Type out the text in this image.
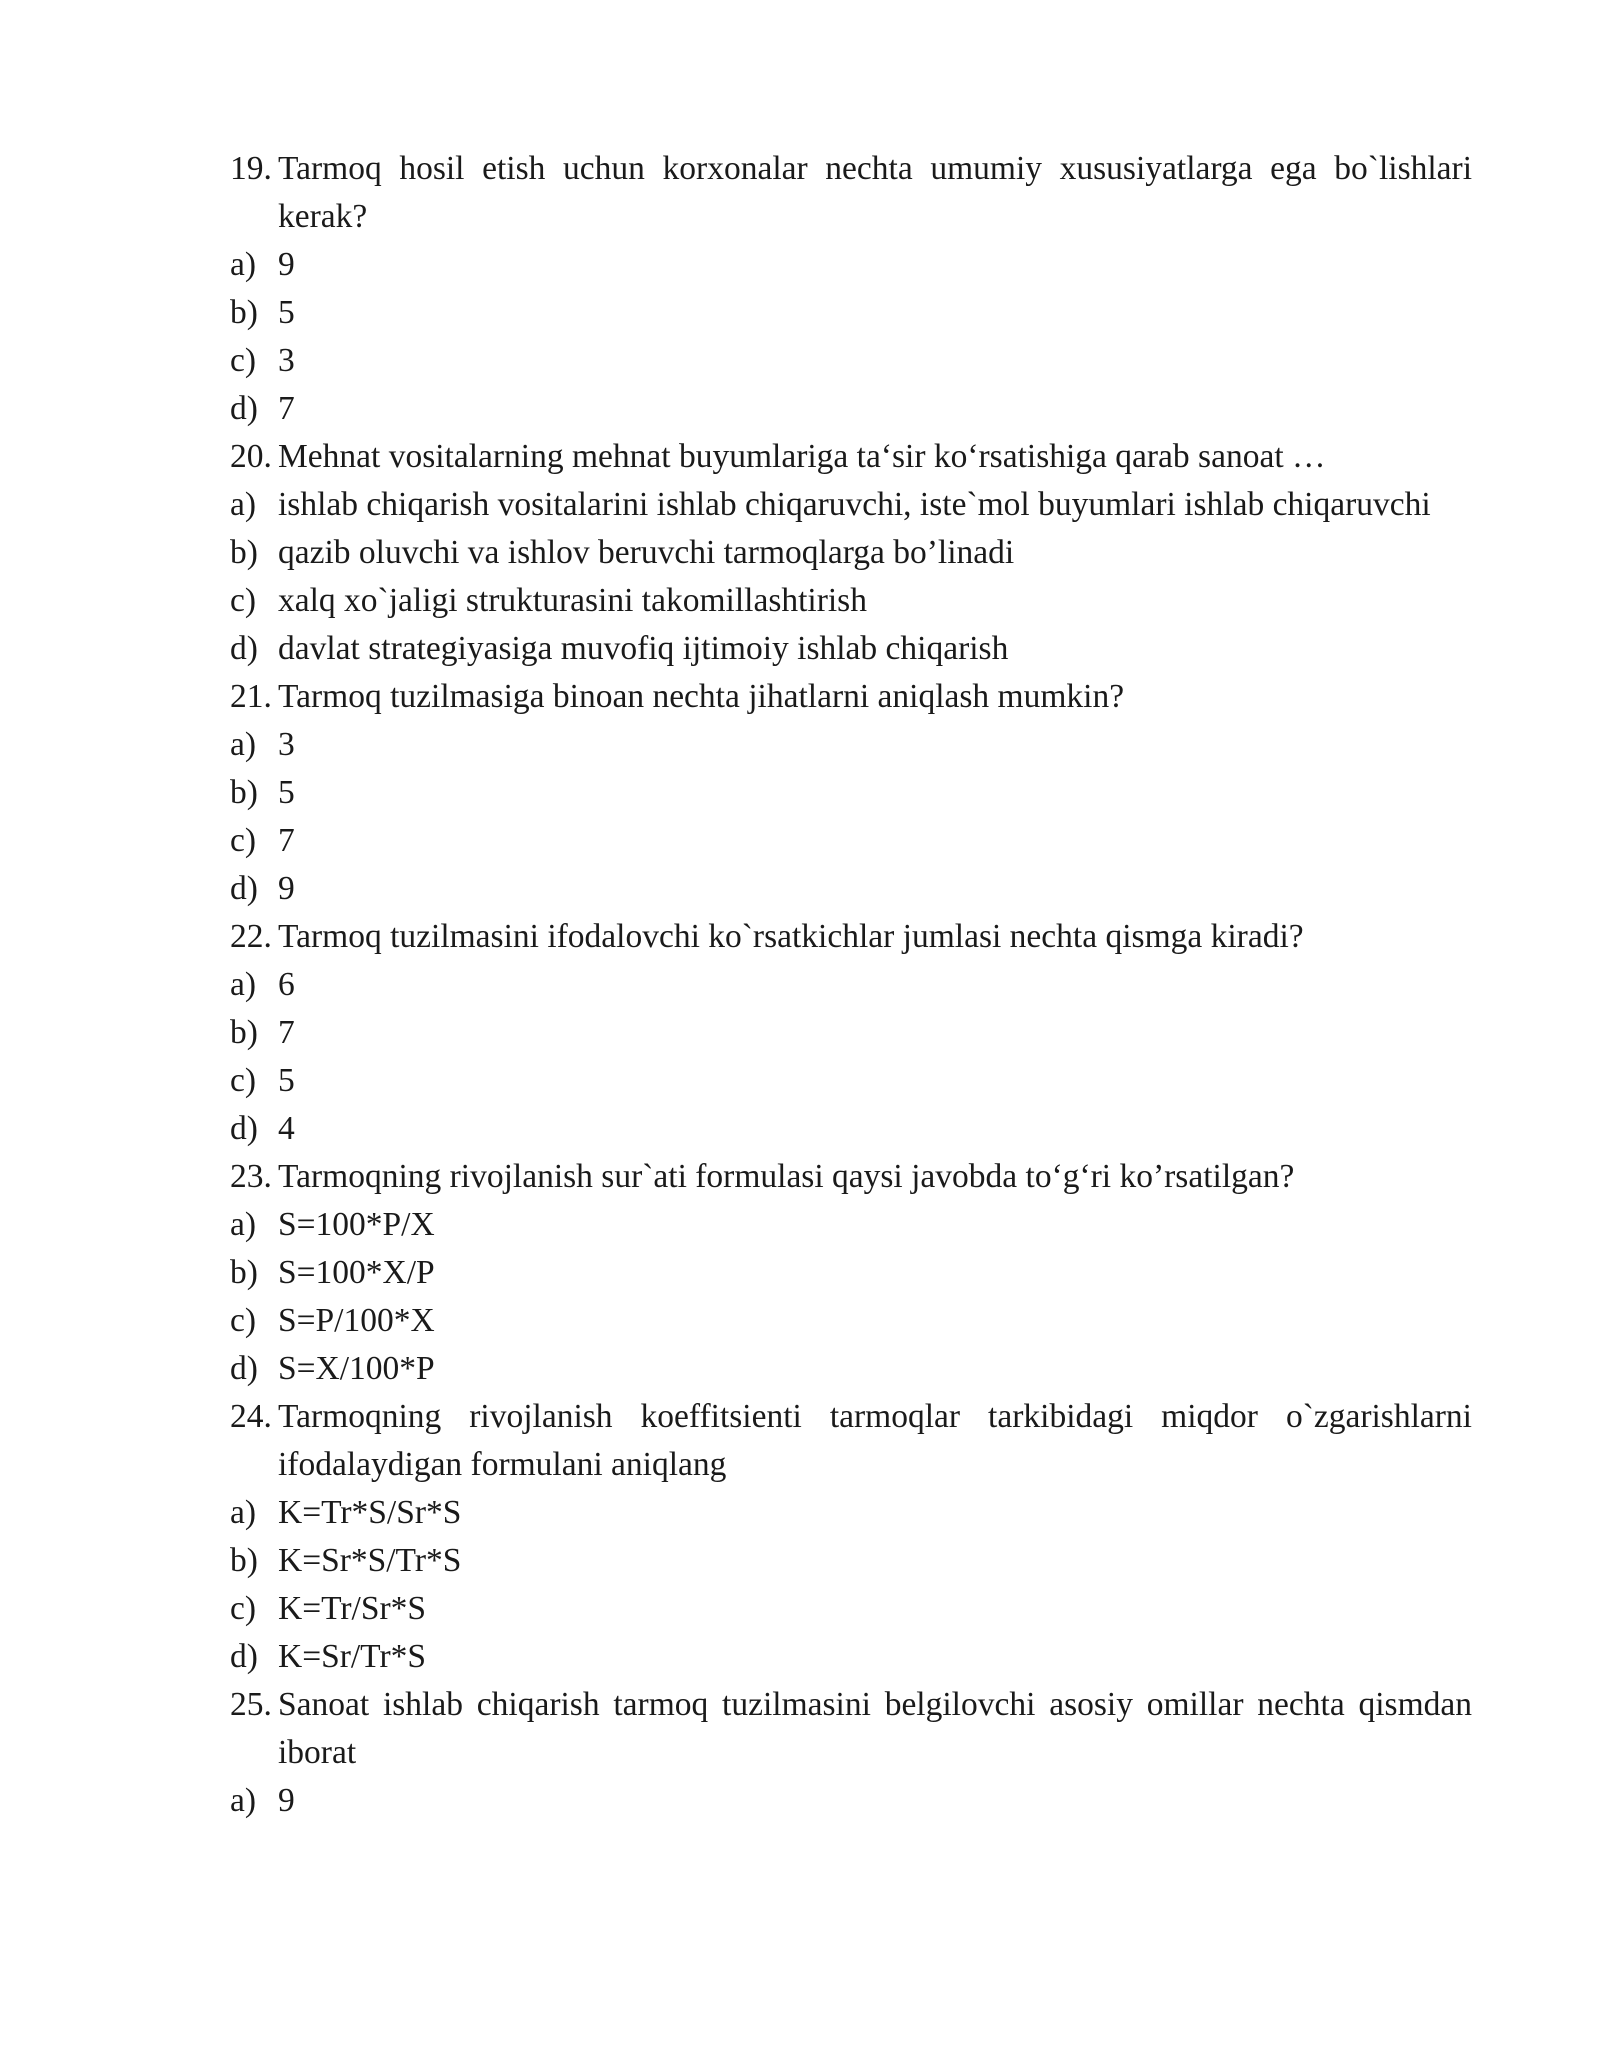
19. Tarmoq hosil etish uchun korxonalar nechta umumiy xususiyatlarga ega bo`lishlari kerak?
a) 9
b) 5
c) 3
d) 7
20. Mehnat vositalarning mehnat buyumlariga ta‘sir ko‘rsatishiga qarab sanoat …
a) ishlab chiqarish vositalarini ishlab chiqaruvchi, iste`mol buyumlari ishlab chiqaruvchi
b) qazib oluvchi va ishlov beruvchi tarmoqlarga bo’linadi
c) xalq xo`jaligi strukturasini takomillashtirish
d) davlat strategiyasiga muvofiq ijtimoiy ishlab chiqarish
21. Tarmoq tuzilmasiga binoan nechta jihatlarni aniqlash mumkin?
a) 3
b) 5
c) 7
d) 9
22. Tarmoq tuzilmasini ifodalovchi ko`rsatkichlar jumlasi nechta qismga kiradi?
a) 6
b) 7
c) 5
d) 4
23. Tarmoqning rivojlanish sur`ati formulasi qaysi javobda to‘g‘ri ko’rsatilgan?
a) S=100*P/X
b) S=100*X/P
c) S=P/100*X
d) S=X/100*P
24. Tarmoqning rivojlanish koeffitsienti tarmoqlar tarkibidagi miqdor o`zgarishlarni ifodalaydigan formulani aniqlang
a) K=Tr*S/Sr*S
b) K=Sr*S/Tr*S
c) K=Tr/Sr*S
d) K=Sr/Tr*S
25. Sanoat ishlab chiqarish tarmoq tuzilmasini belgilovchi asosiy omillar nechta qismdan iborat
a) 9
